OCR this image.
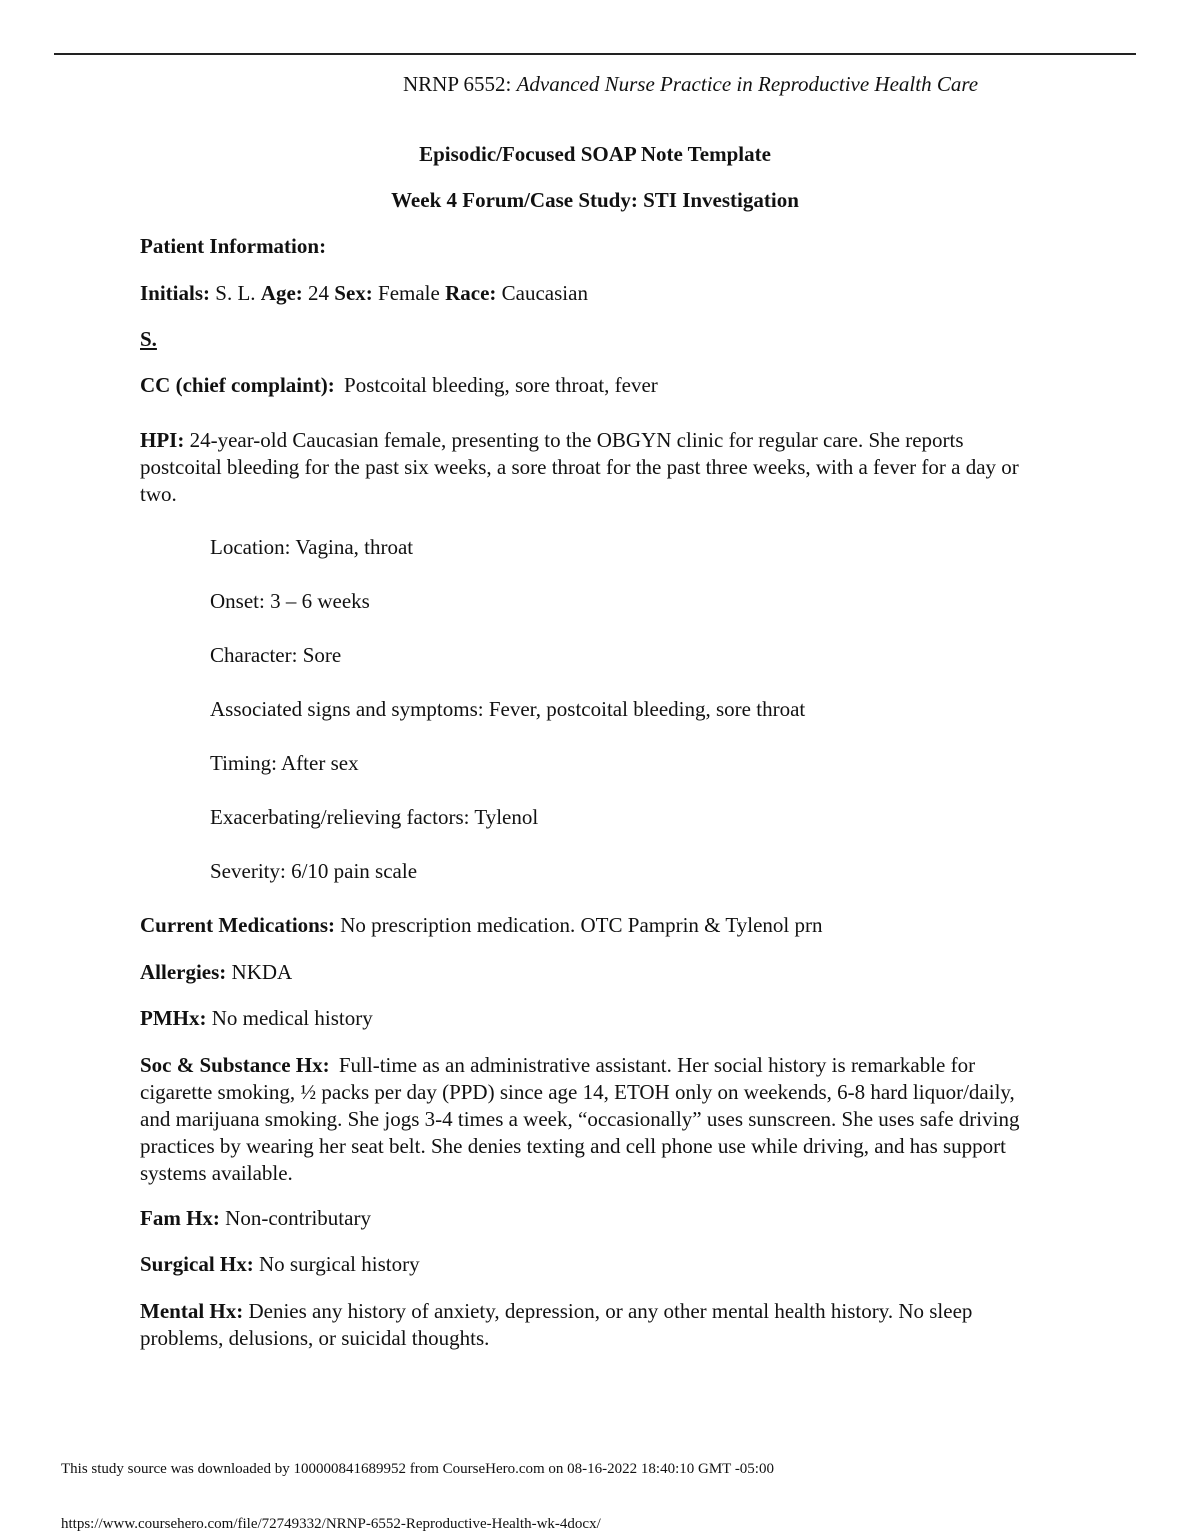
NRNP 6552: Advanced Nurse Practice in Reproductive Health Care
Episodic/Focused SOAP Note Template
Week 4 Forum/Case Study: STI Investigation
Patient Information:
Initials: S. L. Age: 24 Sex: Female Race: Caucasian
S.
CC (chief complaint): Postcoital bleeding, sore throat, fever
HPI: 24-year-old Caucasian female, presenting to the OBGYN clinic for regular care. She reports postcoital bleeding for the past six weeks, a sore throat for the past three weeks, with a fever for a day or two.
Location: Vagina, throat
Onset: 3 – 6 weeks
Character: Sore
Associated signs and symptoms: Fever, postcoital bleeding, sore throat
Timing: After sex
Exacerbating/relieving factors: Tylenol
Severity: 6/10 pain scale
Current Medications: No prescription medication. OTC Pamprin & Tylenol prn
Allergies: NKDA
PMHx: No medical history
Soc & Substance Hx: Full-time as an administrative assistant. Her social history is remarkable for cigarette smoking, ½ packs per day (PPD) since age 14, ETOH only on weekends, 6-8 hard liquor/daily, and marijuana smoking. She jogs 3-4 times a week, “occasionally” uses sunscreen. She uses safe driving practices by wearing her seat belt. She denies texting and cell phone use while driving, and has support systems available.
Fam Hx: Non-contributary
Surgical Hx: No surgical history
Mental Hx: Denies any history of anxiety, depression, or any other mental health history. No sleep problems, delusions, or suicidal thoughts.
This study source was downloaded by 100000841689952 from CourseHero.com on 08-16-2022 18:40:10 GMT -05:00
https://www.coursehero.com/file/72749332/NRNP-6552-Reproductive-Health-wk-4docx/
